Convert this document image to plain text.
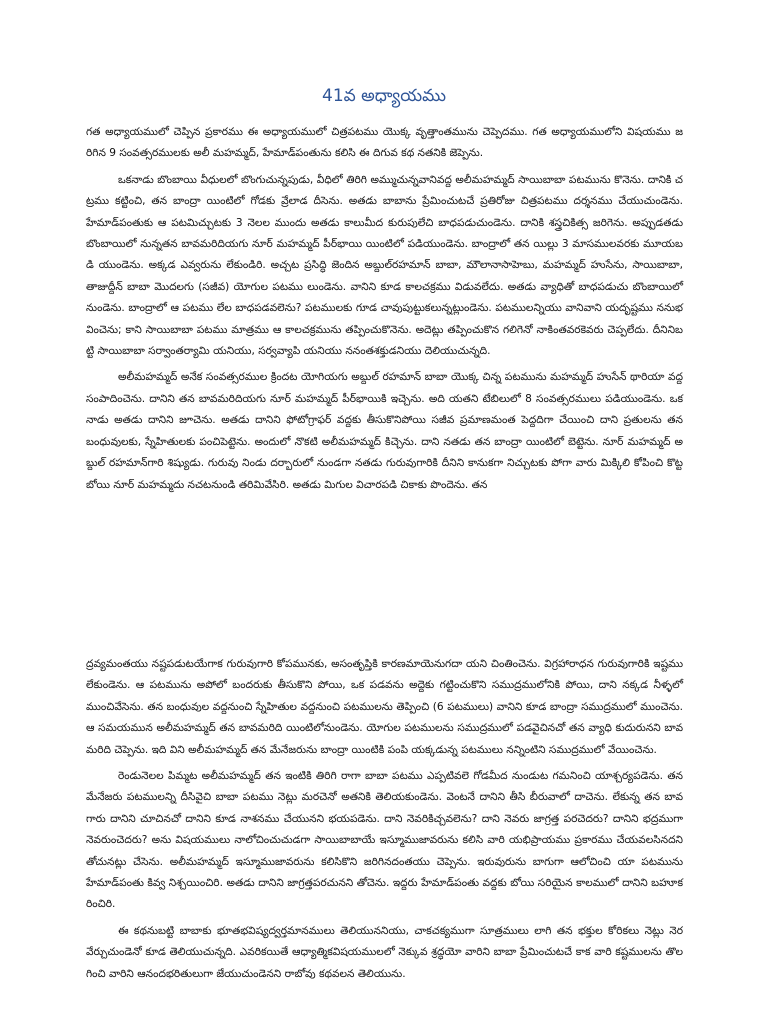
41వ అధ్యాయము

గత అధ్యాయములో చెప్పిన ప్రకారము ఈ అధ్యాయములో చిత్రపటము యొక్క వృత్తాంతమును చెప్పెదము. గత అధ్యాయములోని విషయము జరిగిన 9 సంవత్సరములకు అలీ మహమ్మద్, హేమాడ్‌పంతును కలిసి ఈ దిగువ కథ నతనికి జెప్పెను.

ఒకనాడు బొంబాయి వీధులలో బొంగుచున్నపుడు, వీధిలో తిరిగి అమ్ముచున్నవానివద్ద అలీమహమ్మద్ సాయిబాబా పటమును కొనెను. దానికి చట్రము కట్టించి, తన బాంద్రా యింటిలో గోడకు వ్రేలాడ దీసెను. అతడు బాబాను ప్రేమించుటచే ప్రతిరోజు చిత్రపటము దర్శనము చేయుచుండెను. హేమాడ్‌పంతుకు ఆ పటమిచ్చుటకు 3 నెలల ముందు అతడు కాలుమీద కురుపులేచి బాధపడుచుండెను. దానికి శస్త్రచికిత్స జరిగెను. అప్పుడతడు బొంబాయిలో నున్నతన బావమరిదియగు నూర్ మహమ్మద్ పీర్‌భాయి యింటిలో పడియుండెను. బాంద్రాలో తన యిల్లు 3 మాసములవరకు మూయబడి యుండెను. అక్కడ ఎవ్వరును లేకుండిరి. అచ్చట ప్రసిద్ధి జెందిన అబ్దుల్‌రహమాన్ బాబా, మౌలానాసాహెబు, మహమ్మద్ హుసేను, సాయిబాబా, తాజుద్దీన్ బాబా మొదలగు (సజీవ) యోగుల పటము లుండెను. వానిని కూడ కాలచక్రము విడువలేదు. అతడు వ్యాధితో బాధపడుచు బొంబాయిలో నుండెను. బాంద్రాలో ఆ పటము లేల బాధపడవలెను? పటములకు గూడ చావుపుట్టుకలున్నట్లుండెను. పటములన్నియు వానివాని యదృష్టము ననుభవించెను; కాని సాయిబాబా పటము మాత్రము ఆ కాలచక్రమును తప్పించుకొనెను. అదెట్లు తప్పించుకొన గలిగెనో నాకింతవరకెవరు చెప్పలేదు. దీనినిబట్టి సాయిబాబా సర్వాంతర్యామి యనియు, సర్వవ్యాపి యనియు ననంతశక్తుడనియు దెలియుచున్నది.

అలీమహమ్మద్ అనేక సంవత్సరముల క్రిందట యోగియగు అబ్దుల్ రహమాన్ బాబా యొక్క చిన్న పటమును మహమ్మద్ హుసేన్ థారియా వద్ద సంపాదించెను. దానిని తన బావమరిదియగు నూర్ మహమ్మద్ పీర్‌భాయికి ఇచ్చెను. అది యతని టేబిలులో 8 సంవత్సరములు పడియుండెను. ఒకనాడు అతడు దానిని జూచెను. అతడు దానిని ఫోటోగ్రాఫర్ వద్దకు తీసుకొనిపోయి సజీవ ప్రమాణమంత పెద్దదిగా చేయించి దాని ప్రతులను తన బంధువులకు, స్నేహితులకు పంచిపెట్టెను. అందులో నొకటి అలీమహమ్మద్ కిచ్చెను. దాని నతడు తన బాంద్రా యింటిలో బెట్టెను. నూర్ మహమ్మద్ అబ్దుల్ రహమాన్‌గారి శిష్యుడు. గురువు నిండు దర్బారులో నుండగా నతడు గురువుగారికి దీనిని కానుకగా నిచ్చుటకు పోగా వారు మిక్కిలి కోపించి కొట్టబోయి నూర్ మహమ్మదు నచటనుండి తరిమివేసిరి. అతడు మిగుల విచారపడి చికాకు పొందెను. తన

ద్రవ్యమంతయు నష్టపడుటయేగాక గురువుగారి కోపమునకు, అసంతృప్తికి కారణమాయెనుగదా యని చింతించెను. విగ్రహారాధన గురువుగారికి ఇష్టము లేకుండెను. ఆ పటమును అపోలో బందరుకు తీసుకొని పోయి, ఒక పడవను అద్దెకు గట్టించుకొని సముద్రములోనికి పోయి, దాని నక్కడ నీళ్ళలో ముంచివేసెను. తన బంధువుల వద్దనుంచి స్నేహితుల వద్దనుంచి పటములను తెప్పించి (6 పటములు) వానిని కూడ బాంద్రా సముద్రములో ముంచెను. ఆ సమయమున అలీమహమ్మద్ తన బావమరిది యింటిలోనుండెను. యోగుల పటములను సముద్రములో పడవైచినచో తన వ్యాధి కుదురునని బావమరిది చెప్పెను. ఇది విని అలీమహమ్మద్ తన మేనేజరును బాంద్రా యింటికి పంపి యక్కడున్న పటములు నన్నింటిని సముద్రములో వేయించెను.

రెండునెలల పిమ్మట అలీమహమ్మద్ తన ఇంటికి తిరిగి రాగా బాబా పటము ఎప్పటివలె గోడమీద నుండుట గమనించి యాశ్చర్యపడెను. తన మేనేజరు పటములన్ని దీసివైచి బాబా పటము నెట్లు మరచెనో అతనికి తెలియకుండెను. వెంటనే దానిని తీసి బీరువాలో దాచెను. లేకున్న తన బావగారు దానిని చూచినచో దానిని కూడ నాశనము చేయునని భయపడెను. దాని నెవరికిచ్చవలెను? దాని నెవరు జాగ్రత్త పరచెదరు? దానిని భద్రముగా నెవరుంచెదరు? అను విషయములు నాలోచించుచుడగా సాయిబాబాయే ఇస్మూముజావరును కలిసి వారి యభిప్రాయము ప్రకారము చేయవలసినదని తోచునట్లు చేసెను. అలీమహమ్మద్ ఇస్మూముజావరును కలిసికొని జరిగినదంతయు చెప్పెను. ఇరువురును బాగుగా ఆలోచించి యా పటమును హేమాడ్‌పంతు కివ్వ నిశ్చయించిరి. అతడు దానిని జాగ్రత్తపరచునని తోచెను. ఇద్దరు హేమాడ్‌పంతు వద్దకు బోయి సరియైన కాలములో దానిని బహూకరించిరి.

ఈ కథనుబట్టి బాబాకు భూతభవిష్యద్వర్తమానములు తెలియుననియు, చాకచక్యముగా సూత్రములు లాగి తన భక్తుల కోరికలు నెట్లు నెరవేర్చుచుండెనో కూడ తెలియుచున్నది. ఎవరికయితే ఆధ్యాత్మికవిషయములలో నెక్కువ శ్రద్ధయో వారిని బాబా ప్రేమించుటచే కాక వారి కష్టములను తొలగించి వారిని ఆనందభరితులుగా జేయుచుండెనని రాబోవు కథవలన తెలియును.
